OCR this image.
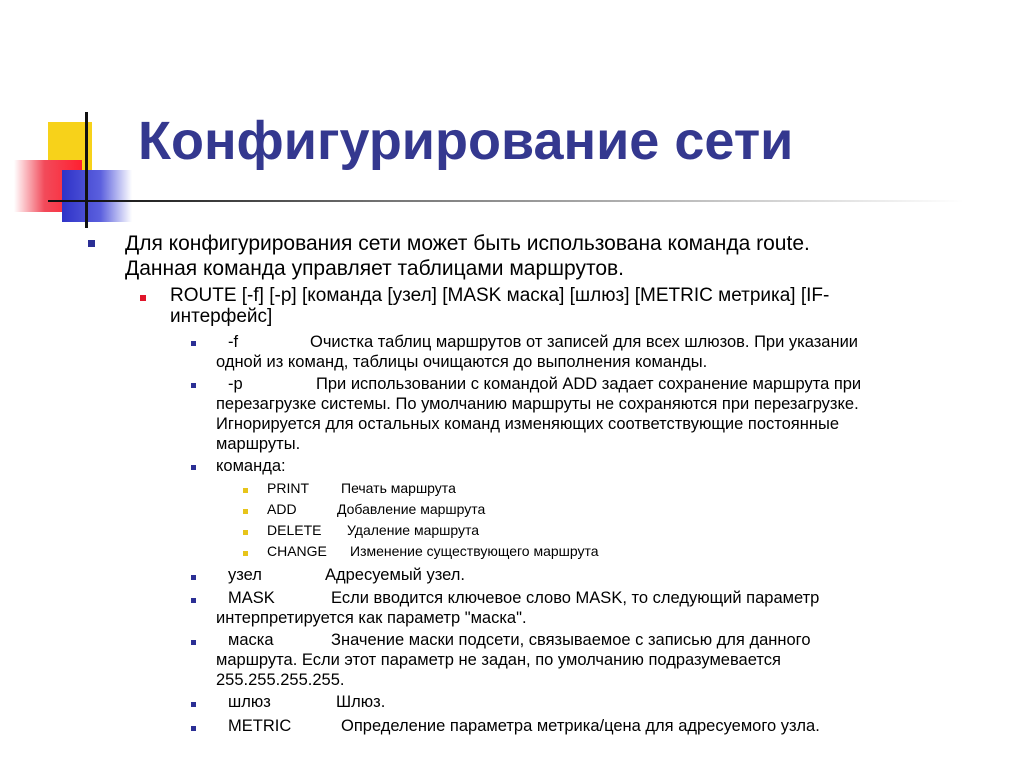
Конфигурирование сети
Для конфигурирования сети может быть использована команда route.
Данная команда управляет таблицами маршрутов.
ROUTE [-f] [-p] [команда [узел] [MASK маска] [шлюз] [METRIC метрика] [IF-
интерфейс]
-f	Очистка таблиц маршрутов от записей для всех шлюзов. При указании
одной из команд, таблицы очищаются до выполнения команды.
-p	При использовании с командой ADD задает сохранение маршрута при
перезагрузке системы. По умолчанию маршруты не сохраняются при перезагрузке.
Игнорируется для остальных команд изменяющих соответствующие постоянные
маршруты.
команда:
PRINT Печать маршрута
ADD	Добавление маршрута
DELETE Удаление маршрута
CHANGE Изменение существующего маршрута
узел	Адресуемый узел.
MASK	Если вводится ключевое слово MASK, то следующий параметр
интерпретируется как параметр "маска".
маска	Значение маски подсети, связываемое с записью для данного
маршрута. Если этот параметр не задан, по умолчанию подразумевается
255.255.255.255.
шлюз	Шлюз.
METRIC	Определение параметра метрика/цена для адресуемого узла.
